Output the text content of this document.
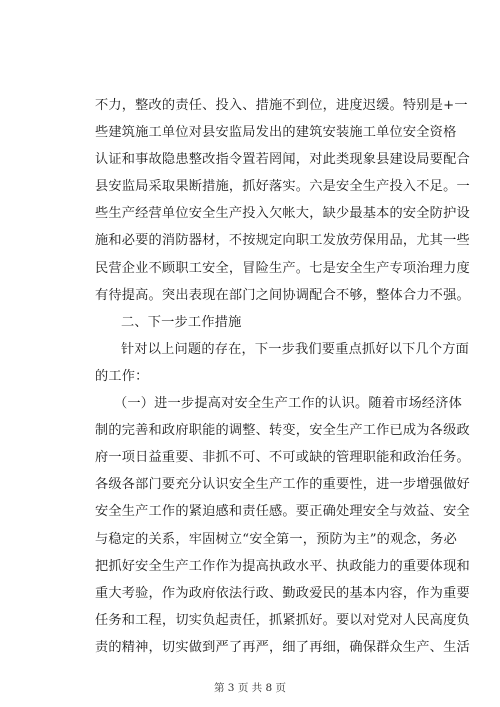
不力，整改的责任、投入、措施不到位，进度迟缓。特别是+一
些建筑施工单位对县安监局发出的建筑安装施工单位安全资格
认证和事故隐患整改指令置若罔闻，对此类现象县建设局要配合
县安监局采取果断措施，抓好落实。六是安全生产投入不足。一
些生产经营单位安全生产投入欠帐大，缺少最基本的安全防护设
施和必要的消防器材，不按规定向职工发放劳保用品，尤其一些
民营企业不顾职工安全，冒险生产。七是安全生产专项治理力度
有待提高。突出表现在部门之间协调配合不够，整体合力不强。
二、下一步工作措施
针对以上问题的存在，下一步我们要重点抓好以下几个方面
的工作：
（一）进一步提高对安全生产工作的认识。随着市场经济体
制的完善和政府职能的调整、转变，安全生产工作已成为各级政
府一项日益重要、非抓不可、不可或缺的管理职能和政治任务。
各级各部门要充分认识安全生产工作的重要性，进一步增强做好
安全生产工作的紧迫感和责任感。要正确处理安全与效益、安全
与稳定的关系，牢固树立“安全第一，预防为主”的观念，务必
把抓好安全生产工作作为提高执政水平、执政能力的重要体现和
重大考验，作为政府依法行政、勤政爱民的基本内容，作为重要
任务和工程，切实负起责任，抓紧抓好。要以对党对人民高度负
责的精神，切实做到严了再严，细了再细，确保群众生产、生活
第 3 页 共 8 页
